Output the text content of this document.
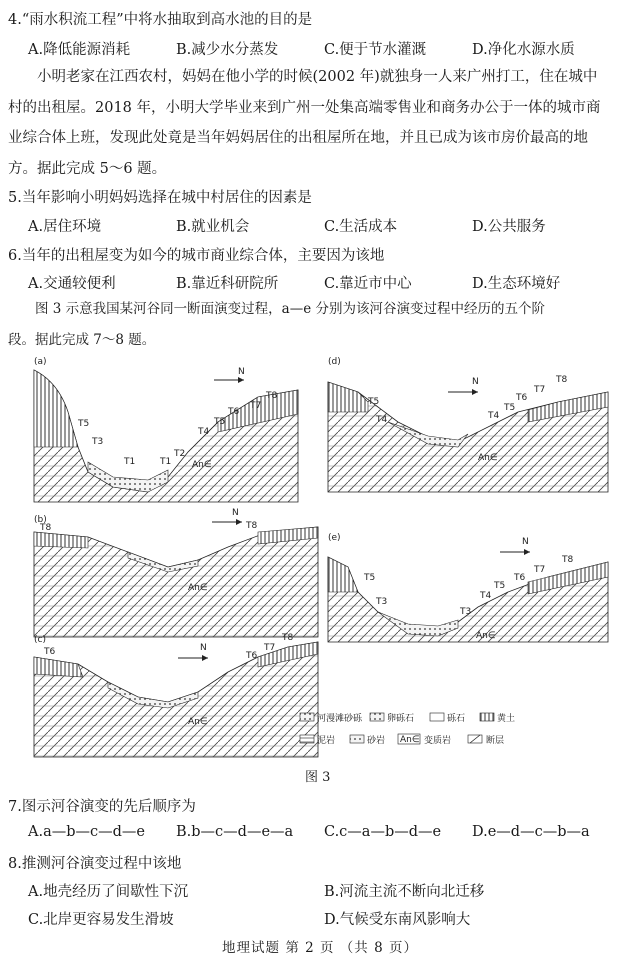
4.“雨水积流工程”中将水抽取到高水池的目的是
A.降低能源消耗	B.减少水分蒸发	C.便于节水灌溉	D.净化水源水质

小明老家在江西农村，妈妈在他小学的时候(2002 年)就独身一人来广州打工，住在城中

村的出租屋。2018 年，小明大学毕业来到广州一处集高端零售业和商务办公于一体的城市商
业综合体上班，发现此处竟是当年妈妈居住的出租屋所在地，并且已成为该市房价最高的地
方。据此完成 5～6 题。
5.当年影响小明妈妈选择在城中村居住的因素是
A.居住环境	B.就业机会	C.生活成本	D.公共服务
6.当年的出租屋变为如今的城市商业综合体，主要因为该地
A.交通较便利	B.靠近科研院所	C.靠近市中心	D.生态环境好

图 3 示意我国某河谷同一断面演变过程，a—e 分别为该河谷演变过程中经历的五个阶

段。据此完成 7～8 题。
(a)
T5
T3
T1	T1
T2
T4
T5
T6
T7
T8
An∈
N
(d)
T5
T4	T4
T5
T6
T7
T8
An∈
N
(b)
T8	T8
An∈
N
(e)
T5
T3
T3
T4
T5
T6
T7
T8
An∈
N
(c)
T6	T6
T7
T8
An∈
N
河漫滩砂砾	卵砾石	砾石	黄土
泥岩	砂岩 An∈ 变质岩	断层
图 3
7.图示河谷演变的先后顺序为
A.a—b—c—d—e B.b—c—d—e—a C.c—a—b—d—e D.e—d—c—b—a
8.推测河谷演变过程中该地
A.地壳经历了间歇性下沉	B.河流主流不断向北迁移
C.北岸更容易发生滑坡	D.气候受东南风影响大
地理试题 第 2 页 （共 8 页）
